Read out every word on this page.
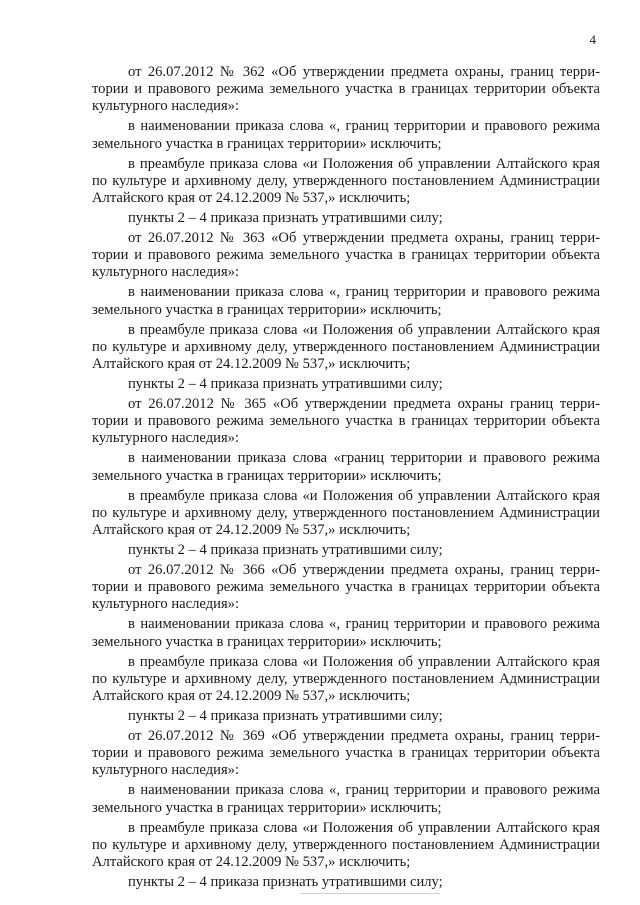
4

от 26.07.2012 № 362 «Об утверждении предмета охраны, границ территории и правового режима земельного участка в границах территории объекта культурного наследия»:

в наименовании приказа слова «, границ территории и правового режима земельного участка в границах территории» исключить;

в преамбуле приказа слова «и Положения об управлении Алтайского края по культуре и архивному делу, утвержденного постановлением Администрации Алтайского края от 24.12.2009 № 537,» исключить;

пункты 2 – 4 приказа признать утратившими силу;

от 26.07.2012 № 363 «Об утверждении предмета охраны, границ территории и правового режима земельного участка в границах территории объекта культурного наследия»:

в наименовании приказа слова «, границ территории и правового режима земельного участка в границах территории» исключить;

в преамбуле приказа слова «и Положения об управлении Алтайского края по культуре и архивному делу, утвержденного постановлением Администрации Алтайского края от 24.12.2009 № 537,» исключить;

пункты 2 – 4 приказа признать утратившими силу;

от 26.07.2012 № 365 «Об утверждении предмета охраны границ территории и правового режима земельного участка в границах территории объекта культурного наследия»:

в наименовании приказа слова «границ территории и правового режима земельного участка в границах территории» исключить;

в преамбуле приказа слова «и Положения об управлении Алтайского края по культуре и архивному делу, утвержденного постановлением Администрации Алтайского края от 24.12.2009 № 537,» исключить;

пункты 2 – 4 приказа признать утратившими силу;

от 26.07.2012 № 366 «Об утверждении предмета охраны, границ территории и правового режима земельного участка в границах территории объекта культурного наследия»:

в наименовании приказа слова «, границ территории и правового режима земельного участка в границах территории» исключить;

в преамбуле приказа слова «и Положения об управлении Алтайского края по культуре и архивному делу, утвержденного постановлением Администрации Алтайского края от 24.12.2009 № 537,» исключить;

пункты 2 – 4 приказа признать утратившими силу;

от 26.07.2012 № 369 «Об утверждении предмета охраны, границ территории и правового режима земельного участка в границах территории объекта культурного наследия»:

в наименовании приказа слова «, границ территории и правового режима земельного участка в границах территории» исключить;

в преамбуле приказа слова «и Положения об управлении Алтайского края по культуре и архивному делу, утвержденного постановлением Администрации Алтайского края от 24.12.2009 № 537,» исключить;

пункты 2 – 4 приказа признать утратившими силу;
